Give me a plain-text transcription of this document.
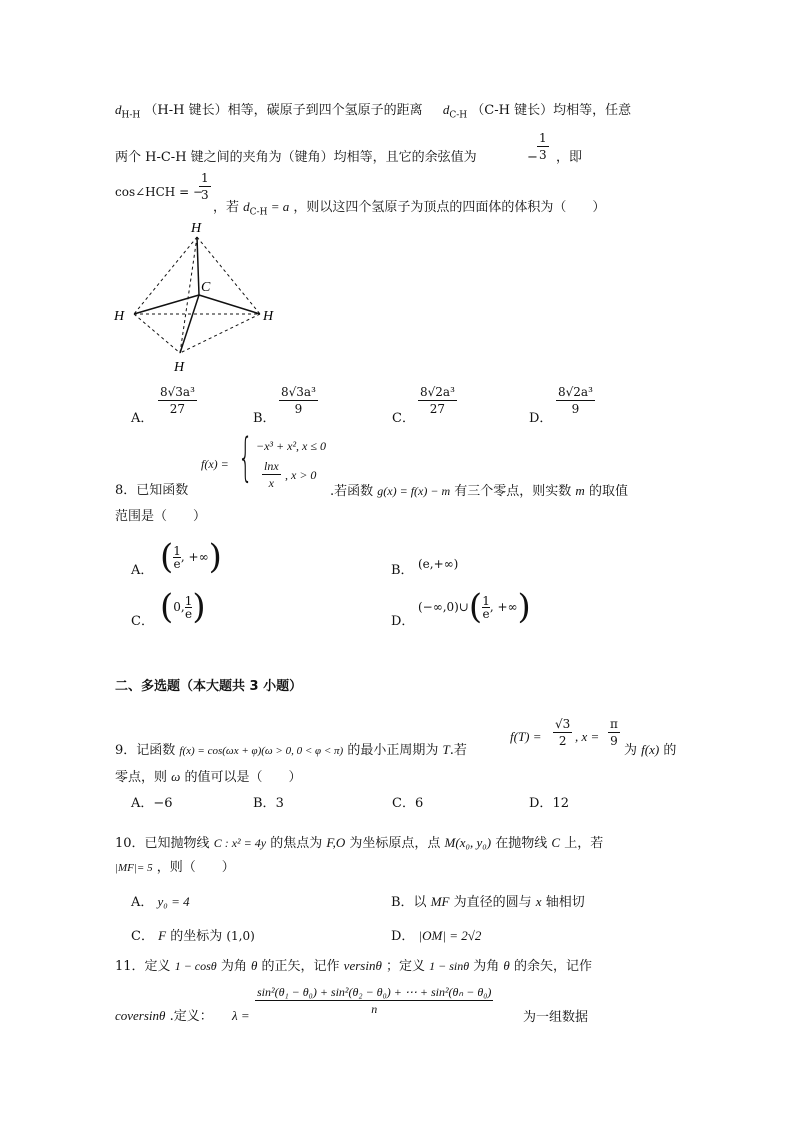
$d_{H-H}$ （H-H 键长）相等，碳原子到四个氢原子的距离 $d_{C-H}$ （C-H 键长）均相等，任意
两个 H-C-H 键之间的夹角为（键角）均相等，且它的余弦值为	− $\frac{1}{3}$ ，即
cos∠HCH = −
$\frac{1}{3}$
，若 $d_{C-H} = a$ ，则以这四个氢原子为顶点的四面体的体积为（　　）
H
C
H	H
H
A．
$\frac{\text{8√3a³}}{27}$
B．
$\frac{\text{8√3a³}}{9}$
C．
$\frac{\text{8√2a³}}{27}$
D．
$\frac{\text{8√2a³}}{9}$
8．已知函数
f(x) = { −x³ + x², x ≤ 0
$\frac{\ln x}{x}$ , x > 0
.若函数 g(x) = f(x) − m 有三个零点，则实数 m 的取值
范围是（　　）
A． ( $\frac{1}{e}$ , +∞)	B． (e,+∞)
C． (0, $\frac{1}{e}$ )	D．
(−∞,0)∪( $\frac{1}{e}$ , +∞)
二、多选题（本大题共 3 小题）
9．记函数 f(x) = cos(ωx + φ)(ω > 0, 0 < φ < π) 的最小正周期为 T.若
$f(T) = \frac{√3}{2}$ , $x = \frac{\pi}{9}$
为 f(x) 的
零点，则 ω 的值可以是（　　）
A．−6	B．3	C．6	D．12
10．已知抛物线 C : x² = 4y 的焦点为 F,O 为坐标原点，点 M(x₀, y₀) 在抛物线 C 上，若
|MF|= 5 ，则（　　）
A． y₀ = 4	B．以 MF 为直径的圆与 x 轴相切
C． F 的坐标为 (1,0)	D． |OM| = 2√2
11．定义 1 − cosθ 为角 θ 的正矢，记作 versinθ ；定义 1 − sinθ 为角 θ 的余矢，记作
coversinθ .定义： λ =
$\frac{\text{sin²(θ₁ − θ₀) + sin²(θ₂ − θ₀) + ⋯ + sin²(θₙ − θ₀)}}{n}$
为一组数据
